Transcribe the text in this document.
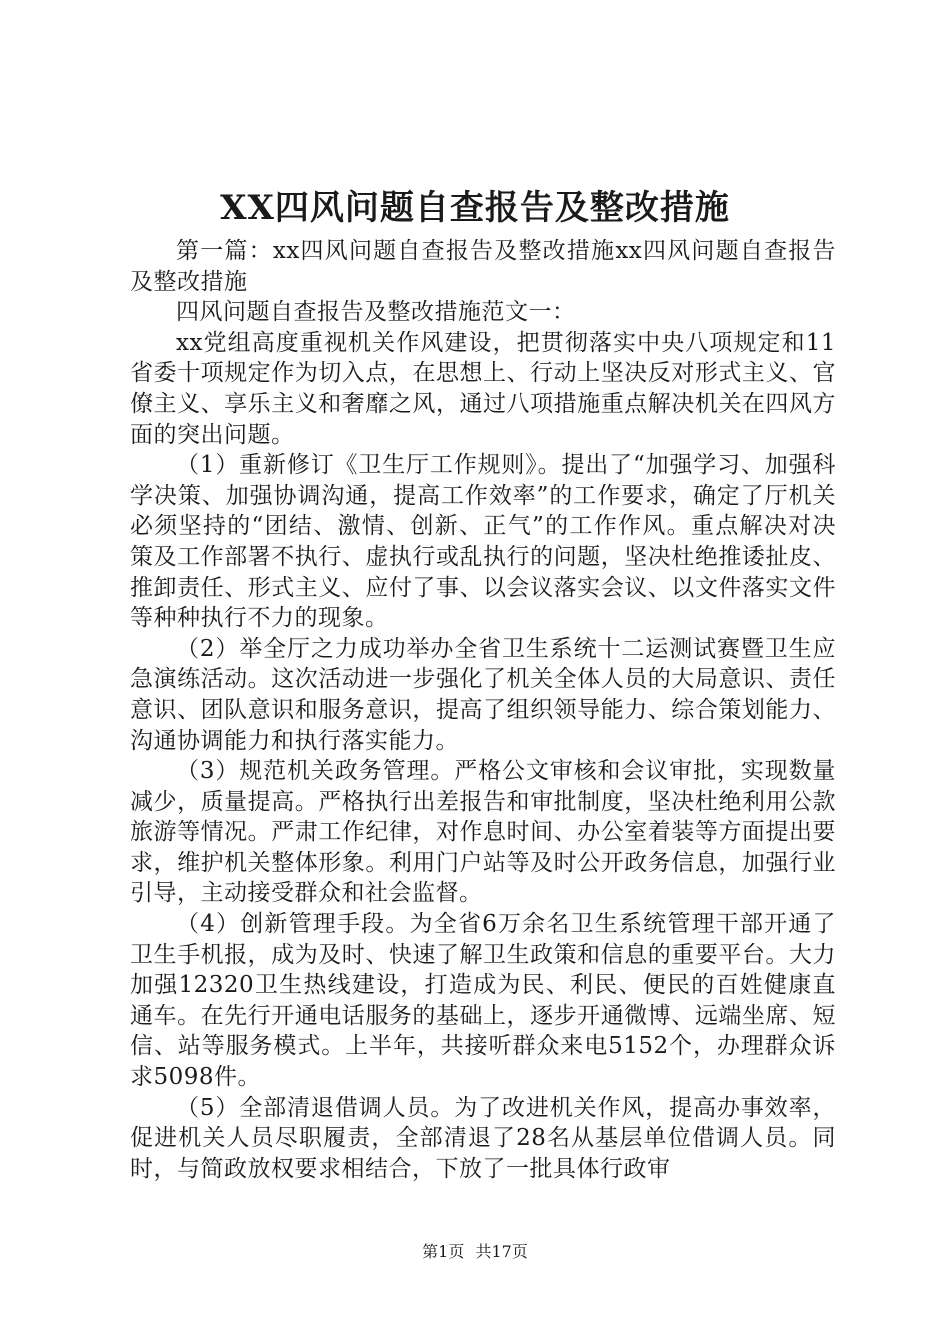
XX四风问题自查报告及整改措施

第一篇：xx四风问题自查报告及整改措施xx四风问题自查报告及整改措施

四风问题自查报告及整改措施范文一：

xx党组高度重视机关作风建设，把贯彻落实中央八项规定和11省委十项规定作为切入点，在思想上、行动上坚决反对形式主义、官僚主义、享乐主义和奢靡之风，通过八项措施重点解决机关在四风方面的突出问题。

（1）重新修订《卫生厅工作规则》。提出了“加强学习、加强科学决策、加强协调沟通，提高工作效率”的工作要求，确定了厅机关必须坚持的“团结、激情、创新、正气”的工作作风。重点解决对决策及工作部署不执行、虚执行或乱执行的问题，坚决杜绝推诿扯皮、推卸责任、形式主义、应付了事、以会议落实会议、以文件落实文件等种种执行不力的现象。

（2）举全厅之力成功举办全省卫生系统十二运测试赛暨卫生应急演练活动。这次活动进一步强化了机关全体人员的大局意识、责任意识、团队意识和服务意识，提高了组织领导能力、综合策划能力、沟通协调能力和执行落实能力。

（3）规范机关政务管理。严格公文审核和会议审批，实现数量减少，质量提高。严格执行出差报告和审批制度，坚决杜绝利用公款旅游等情况。严肃工作纪律，对作息时间、办公室着装等方面提出要求，维护机关整体形象。利用门户站等及时公开政务信息，加强行业引导，主动接受群众和社会监督。

（4）创新管理手段。为全省6万余名卫生系统管理干部开通了卫生手机报，成为及时、快速了解卫生政策和信息的重要平台。大力加强12320卫生热线建设，打造成为民、利民、便民的百姓健康直通车。在先行开通电话服务的基础上，逐步开通微博、远端坐席、短信、站等服务模式。上半年，共接听群众来电5152个，办理群众诉求5098件。

（5）全部清退借调人员。为了改进机关作风，提高办事效率，促进机关人员尽职履责，全部清退了28名从基层单位借调人员。同时，与简政放权要求相结合，下放了一批具体行政审

第1页 共17页
